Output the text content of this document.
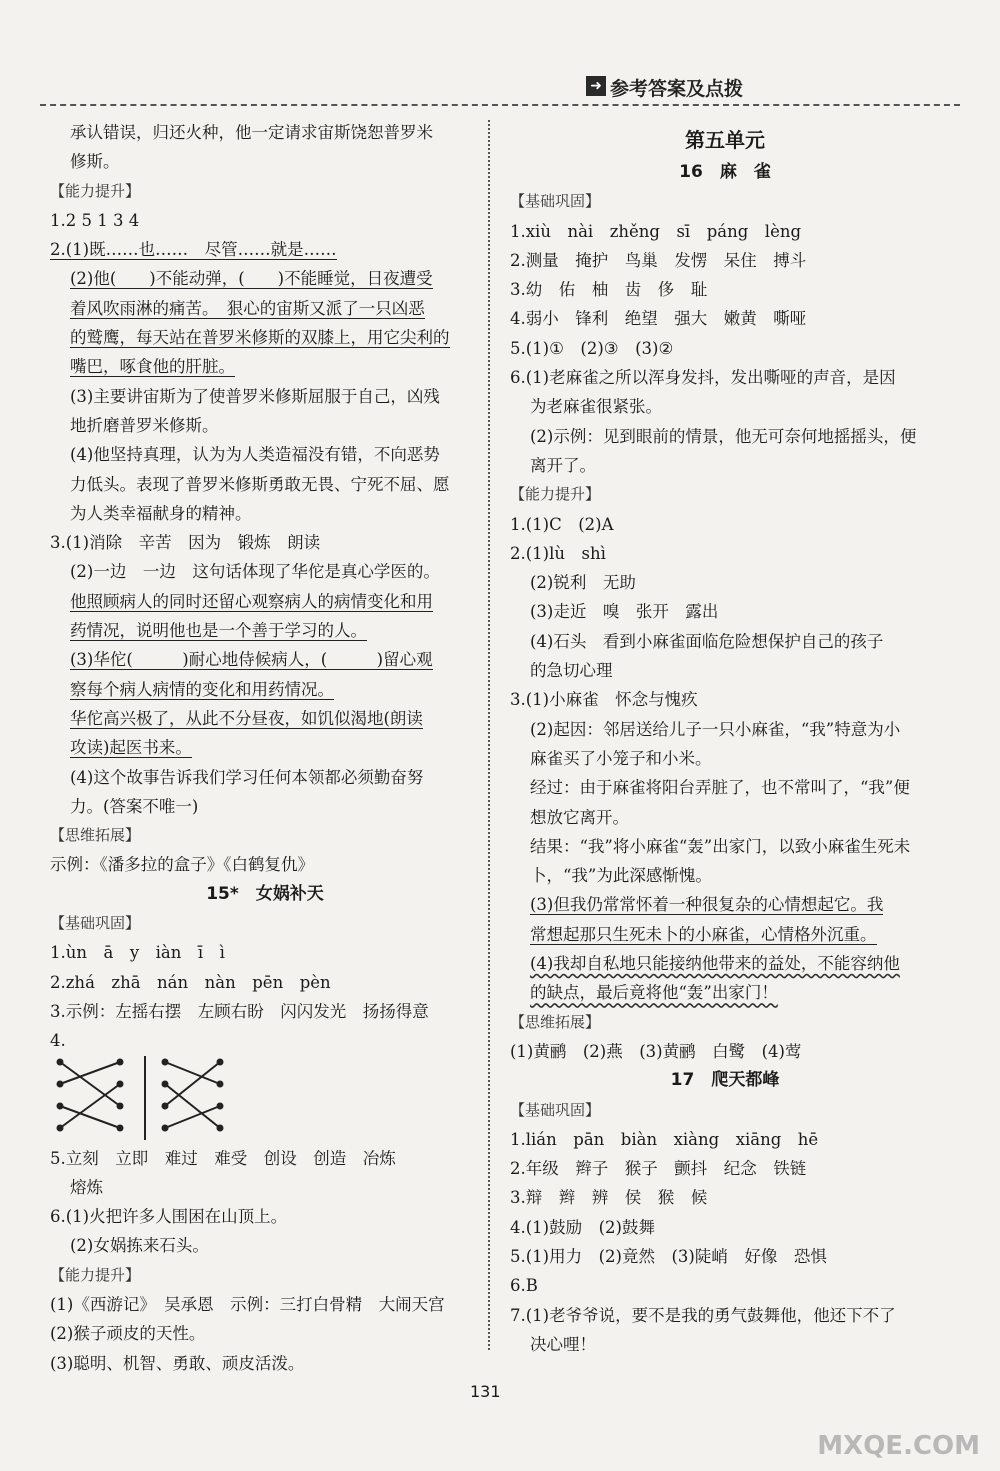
➜ 参考答案及点拨
承认错误，归还火种，他一定请求宙斯饶恕普罗米
修斯。
【能力提升】
1.2 5 1 3 4
2.(1)既……也……　尽管……就是……
(2)他(　　)不能动弹，(　　)不能睡觉，日夜遭受
着风吹雨淋的痛苦。　狠心的宙斯又派了一只凶恶
的鹫鹰，每天站在普罗米修斯的双膝上，用它尖利的
嘴巴，啄食他的肝脏。
(3)主要讲宙斯为了使普罗米修斯屈服于自己，凶残
地折磨普罗米修斯。
(4)他坚持真理，认为为人类造福没有错，不向恶势
力低头。表现了普罗米修斯勇敢无畏、宁死不屈、愿
为人类幸福献身的精神。
3.(1)消除　辛苦　因为　锻炼　朗读
(2)一边　一边　这句话体现了华佗是真心学医的。
他照顾病人的同时还留心观察病人的病情变化和用
药情况，说明他也是一个善于学习的人。
(3)华佗(　　　)耐心地侍候病人，(　　　)留心观
察每个病人病情的变化和用药情况。
华佗高兴极了，从此不分昼夜，如饥似渴地(朗读
攻读)起医书来。
(4)这个故事告诉我们学习任何本领都必须勤奋努
力。(答案不唯一)
【思维拓展】
示例：《潘多拉的盒子》《白鹤复仇》
15*　女娲补天
【基础巩固】
1.ùn　ā　y　iàn　ī　ì
2.zhá　zhā　nán　nàn　pēn　pèn
3.示例：左摇右摆　左顾右盼　闪闪发光　扬扬得意
4.
5.立刻　立即　难过　难受　创设　创造　冶炼
熔炼
6.(1)火把许多人围困在山顶上。
(2)女娲拣来石头。
【能力提升】
(1)《西游记》　吴承恩　示例：三打白骨精　大闹天宫
(2)猴子顽皮的天性。
(3)聪明、机智、勇敢、顽皮活泼。
第五单元
16　麻　雀
【基础巩固】
1.xiù　nài　zhěng　sī　páng　lèng
2.测量　掩护　鸟巢　发愣　呆住　搏斗
3.幼　佑　柚　齿　侈　耻
4.弱小　锋利　绝望　强大　嫩黄　嘶哑
5.(1)①　(2)③　(3)②
6.(1)老麻雀之所以浑身发抖，发出嘶哑的声音，是因
为老麻雀很紧张。
(2)示例：见到眼前的情景，他无可奈何地摇摇头，便
离开了。
【能力提升】
1.(1)C　(2)A
2.(1)lù　shì
(2)锐利　无助
(3)走近　嗅　张开　露出
(4)石头　看到小麻雀面临危险想保护自己的孩子
的急切心理
3.(1)小麻雀　怀念与愧疚
(2)起因：邻居送给儿子一只小麻雀，“我”特意为小
麻雀买了小笼子和小米。
经过：由于麻雀将阳台弄脏了，也不常叫了，“我”便
想放它离开。
结果：“我”将小麻雀“轰”出家门，以致小麻雀生死未
卜，“我”为此深感惭愧。
(3)但我仍常常怀着一种很复杂的心情想起它。我
常想起那只生死未卜的小麻雀，心情格外沉重。
(4)我却自私地只能接纳他带来的益处，不能容纳他
的缺点，最后竟将他“轰”出家门！
【思维拓展】
(1)黄鹂　(2)燕　(3)黄鹂　白鹭　(4)莺
17　爬天都峰
【基础巩固】
1.lián　pān　biàn　xiàng　xiāng　hē
2.年级　辫子　猴子　颤抖　纪念　铁链
3.辩　辫　辨　侯　猴　候
4.(1)鼓励　(2)鼓舞
5.(1)用力　(2)竟然　(3)陡峭　好像　恐惧
6.B
7.(1)老爷爷说，要不是我的勇气鼓舞他，他还下不了
决心哩！
131
MXQE.COM
